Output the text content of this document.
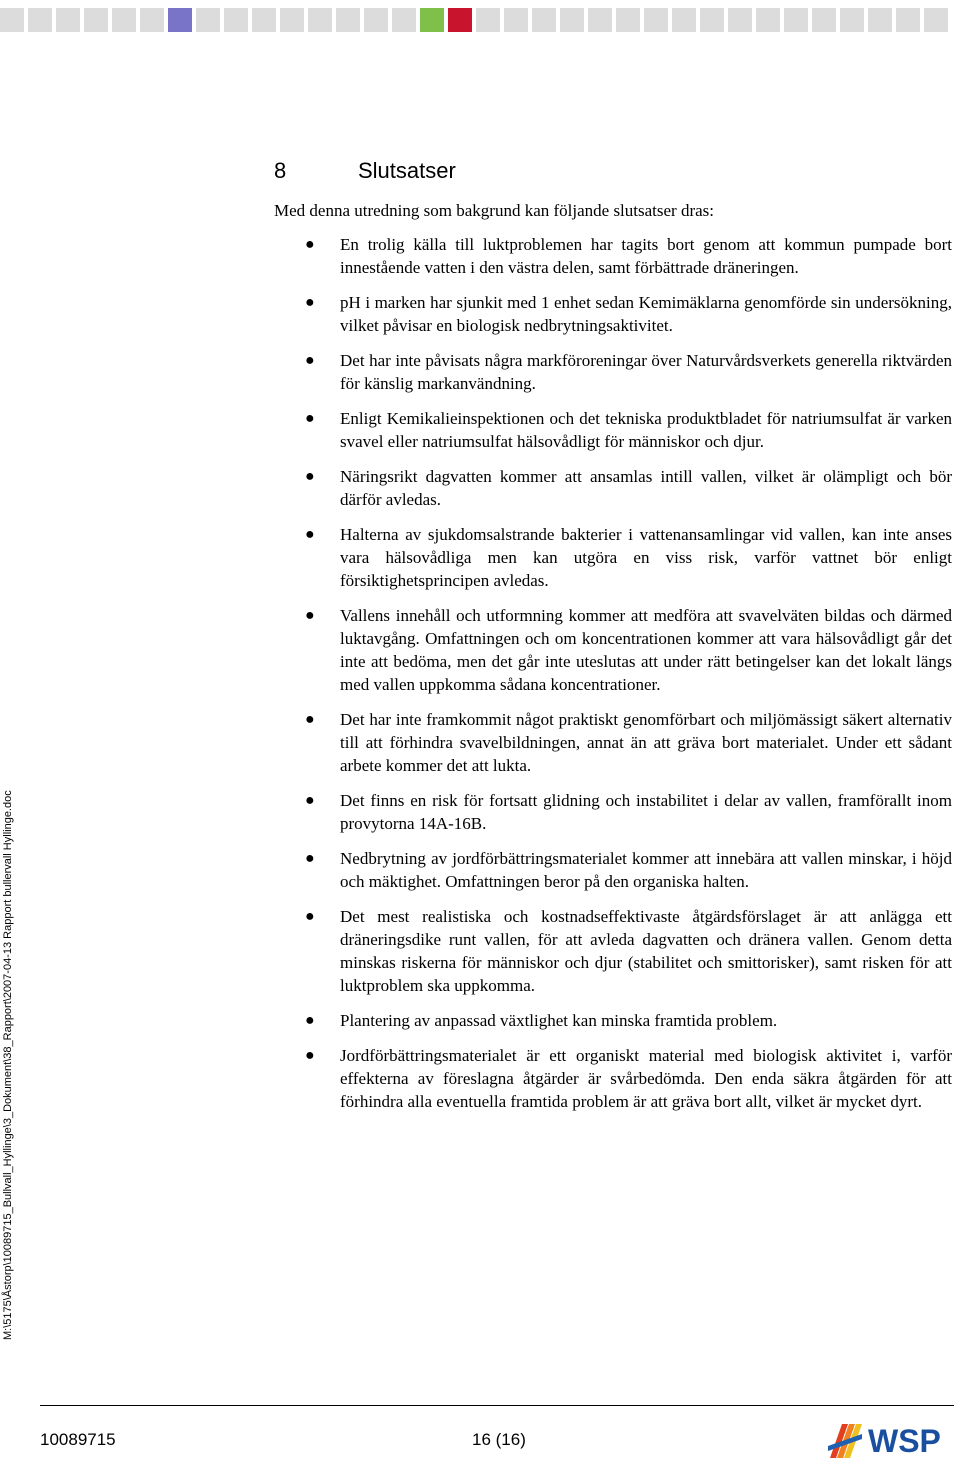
M:\5175\Åstorp\10089715_Bullvall_Hyllinge\3_Dokument\38_Rapport\2007-04-13 Rapport bullervall Hyllinge.doc
8	Slutsatser
Med denna utredning som bakgrund kan följande slutsatser dras:
● En trolig källa till luktproblemen har tagits bort genom att kommun pumpade bort innestående vatten i den västra delen, samt förbättrade dräneringen.
● pH i marken har sjunkit med 1 enhet sedan Kemimäklarna genomförde sin undersökning, vilket påvisar en biologisk nedbrytningsaktivitet.
● Det har inte påvisats några markföroreningar över Naturvårdsverkets generella riktvärden för känslig markanvändning.
● Enligt Kemikalieinspektionen och det tekniska produktbladet för natriumsulfat är varken svavel eller natriumsulfat hälsovådligt för människor och djur.
● Näringsrikt dagvatten kommer att ansamlas intill vallen, vilket är olämpligt och bör därför avledas.
● Halterna av sjukdomsalstrande bakterier i vattenansamlingar vid vallen, kan inte anses vara hälsovådliga men kan utgöra en viss risk, varför vattnet bör enligt försiktighetsprincipen avledas.
● Vallens innehåll och utformning kommer att medföra att svavelväten bildas och därmed luktavgång. Omfattningen och om koncentrationen kommer att vara hälsovådligt går det inte att bedöma, men det går inte uteslutas att under rätt betingelser kan det lokalt längs med vallen uppkomma sådana koncentrationer.
● Det har inte framkommit något praktiskt genomförbart och miljömässigt säkert alternativ till att förhindra svavelbildningen, annat än att gräva bort materialet. Under ett sådant arbete kommer det att lukta.
● Det finns en risk för fortsatt glidning och instabilitet i delar av vallen, framförallt inom provytorna 14A-16B.
● Nedbrytning av jordförbättringsmaterialet kommer att innebära att vallen minskar, i höjd och mäktighet. Omfattningen beror på den organiska halten.
● Det mest realistiska och kostnadseffektivaste åtgärdsförslaget är att anlägga ett dräneringsdike runt vallen, för att avleda dagvatten och dränera vallen. Genom detta minskas riskerna för människor och djur (stabilitet och smittorisker), samt risken för att luktproblem ska uppkomma.
● Plantering av anpassad växtlighet kan minska framtida problem.
● Jordförbättringsmaterialet är ett organiskt material med biologisk aktivitet i, varför effekterna av föreslagna åtgärder är svårbedömda. Den enda säkra åtgärden för att förhindra alla eventuella framtida problem är att gräva bort allt, vilket är mycket dyrt.
10089715	16 (16)	WSP
